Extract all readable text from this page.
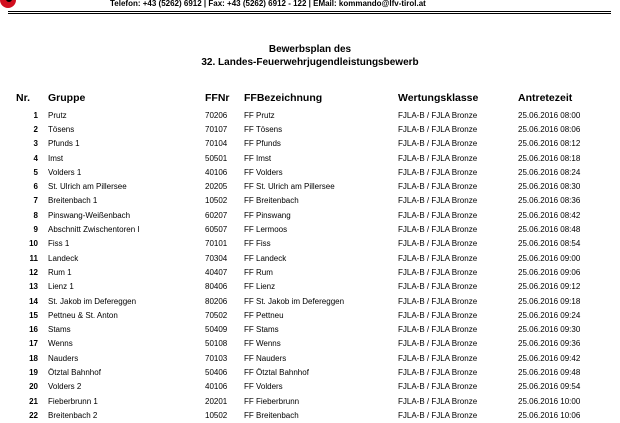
Telefon: +43 (5262) 6912 | Fax: +43 (5262) 6912 - 122 | EMail: kommando@lfv-tirol.at
Bewerbsplan des
32. Landes-Feuerwehrjugendleistungsbewerb
Nr.	Gruppe	FFNr	FFBezeichnung	Wertungsklasse	Antretezeit
1	Prutz	70206	FF Prutz	FJLA-B / FJLA Bronze	25.06.2016 08:00
2	Tösens	70107	FF Tösens	FJLA-B / FJLA Bronze	25.06.2016 08:06
3	Pfunds 1	70104	FF Pfunds	FJLA-B / FJLA Bronze	25.06.2016 08:12
4	Imst	50501	FF Imst	FJLA-B / FJLA Bronze	25.06.2016 08:18
5	Volders 1	40106	FF Volders	FJLA-B / FJLA Bronze	25.06.2016 08:24
6	St. Ulrich am Pillersee	20205	FF St. Ulrich am Pillersee	FJLA-B / FJLA Bronze	25.06.2016 08:30
7	Breitenbach 1	10502	FF Breitenbach	FJLA-B / FJLA Bronze	25.06.2016 08:36
8	Pinswang-Weißenbach	60207	FF Pinswang	FJLA-B / FJLA Bronze	25.06.2016 08:42
9	Abschnitt Zwischentoren I	60507	FF Lermoos	FJLA-B / FJLA Bronze	25.06.2016 08:48
10	Fiss 1	70101	FF Fiss	FJLA-B / FJLA Bronze	25.06.2016 08:54
11	Landeck	70304	FF Landeck	FJLA-B / FJLA Bronze	25.06.2016 09:00
12	Rum 1	40407	FF Rum	FJLA-B / FJLA Bronze	25.06.2016 09:06
13	Lienz 1	80406	FF Lienz	FJLA-B / FJLA Bronze	25.06.2016 09:12
14	St. Jakob im Defereggen	80206	FF St. Jakob im Defereggen	FJLA-B / FJLA Bronze	25.06.2016 09:18
15	Pettneu & St. Anton	70502	FF Pettneu	FJLA-B / FJLA Bronze	25.06.2016 09:24
16	Stams	50409	FF Stams	FJLA-B / FJLA Bronze	25.06.2016 09:30
17	Wenns	50108	FF Wenns	FJLA-B / FJLA Bronze	25.06.2016 09:36
18	Nauders	70103	FF Nauders	FJLA-B / FJLA Bronze	25.06.2016 09:42
19	Ötztal Bahnhof	50406	FF Ötztal Bahnhof	FJLA-B / FJLA Bronze	25.06.2016 09:48
20	Volders 2	40106	FF Volders	FJLA-B / FJLA Bronze	25.06.2016 09:54
21	Fieberbrunn 1	20201	FF Fieberbrunn	FJLA-B / FJLA Bronze	25.06.2016 10:00
22	Breitenbach 2	10502	FF Breitenbach	FJLA-B / FJLA Bronze	25.06.2016 10:06
